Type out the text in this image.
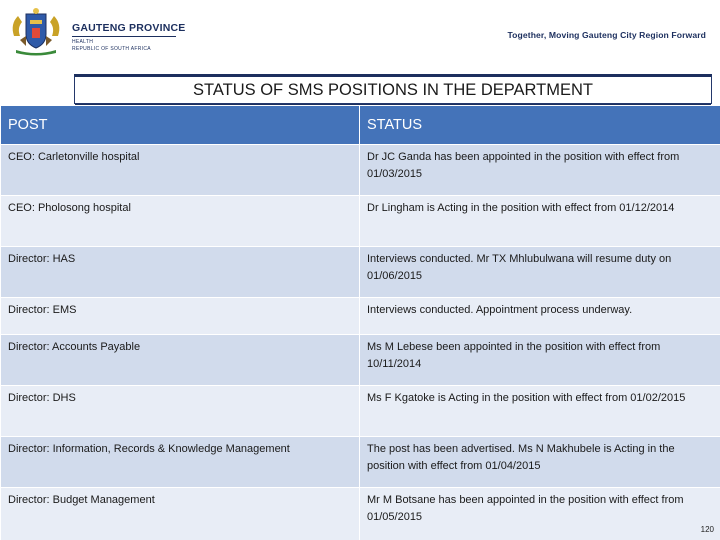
GAUTENG PROVINCE
HEALTH
REPUBLIC OF SOUTH AFRICA
Together, Moving Gauteng City Region Forward
STATUS OF SMS POSITIONS IN THE DEPARTMENT
POST	STATUS
CEO: Carletonville hospital	Dr JC Ganda has been appointed in the position with effect from 01/03/2015
CEO: Pholosong hospital	Dr Lingham is Acting in the position with effect from 01/12/2014
Director: HAS	Interviews conducted. Mr TX Mhlubulwana will resume duty on 01/06/2015
Director: EMS	Interviews conducted. Appointment process underway.
Director: Accounts Payable	Ms M Lebese been appointed in the position with effect from 10/11/2014
Director: DHS	Ms F Kgatoke is Acting in the position with effect from 01/02/2015
Director: Information, Records & Knowledge Management	The post has been advertised. Ms N Makhubele is Acting in the position with effect from 01/04/2015
Director: Budget Management	Mr M Botsane has been appointed in the position with effect from 01/05/2015
120
